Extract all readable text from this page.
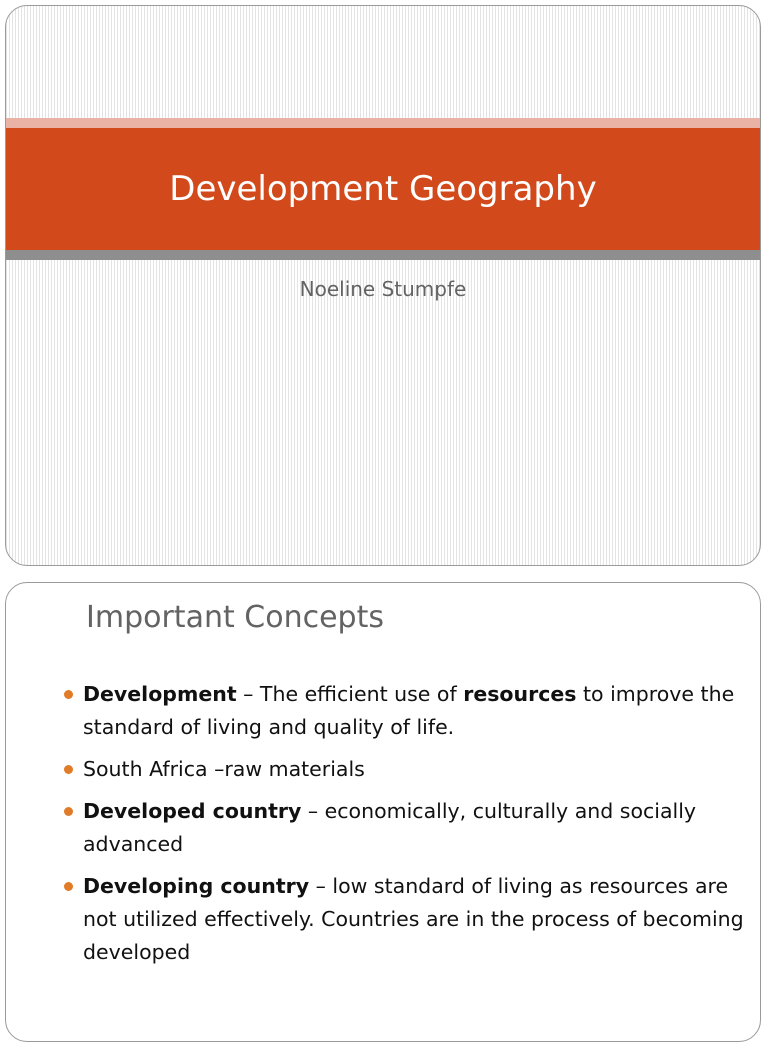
Development Geography
Noeline Stumpfe
Important Concepts
Development – The efficient use of resources to improve the standard of living and quality of life.
South Africa –raw materials
Developed country – economically, culturally and socially advanced
Developing country – low standard of living as resources are not utilized effectively. Countries are in the process of becoming developed
